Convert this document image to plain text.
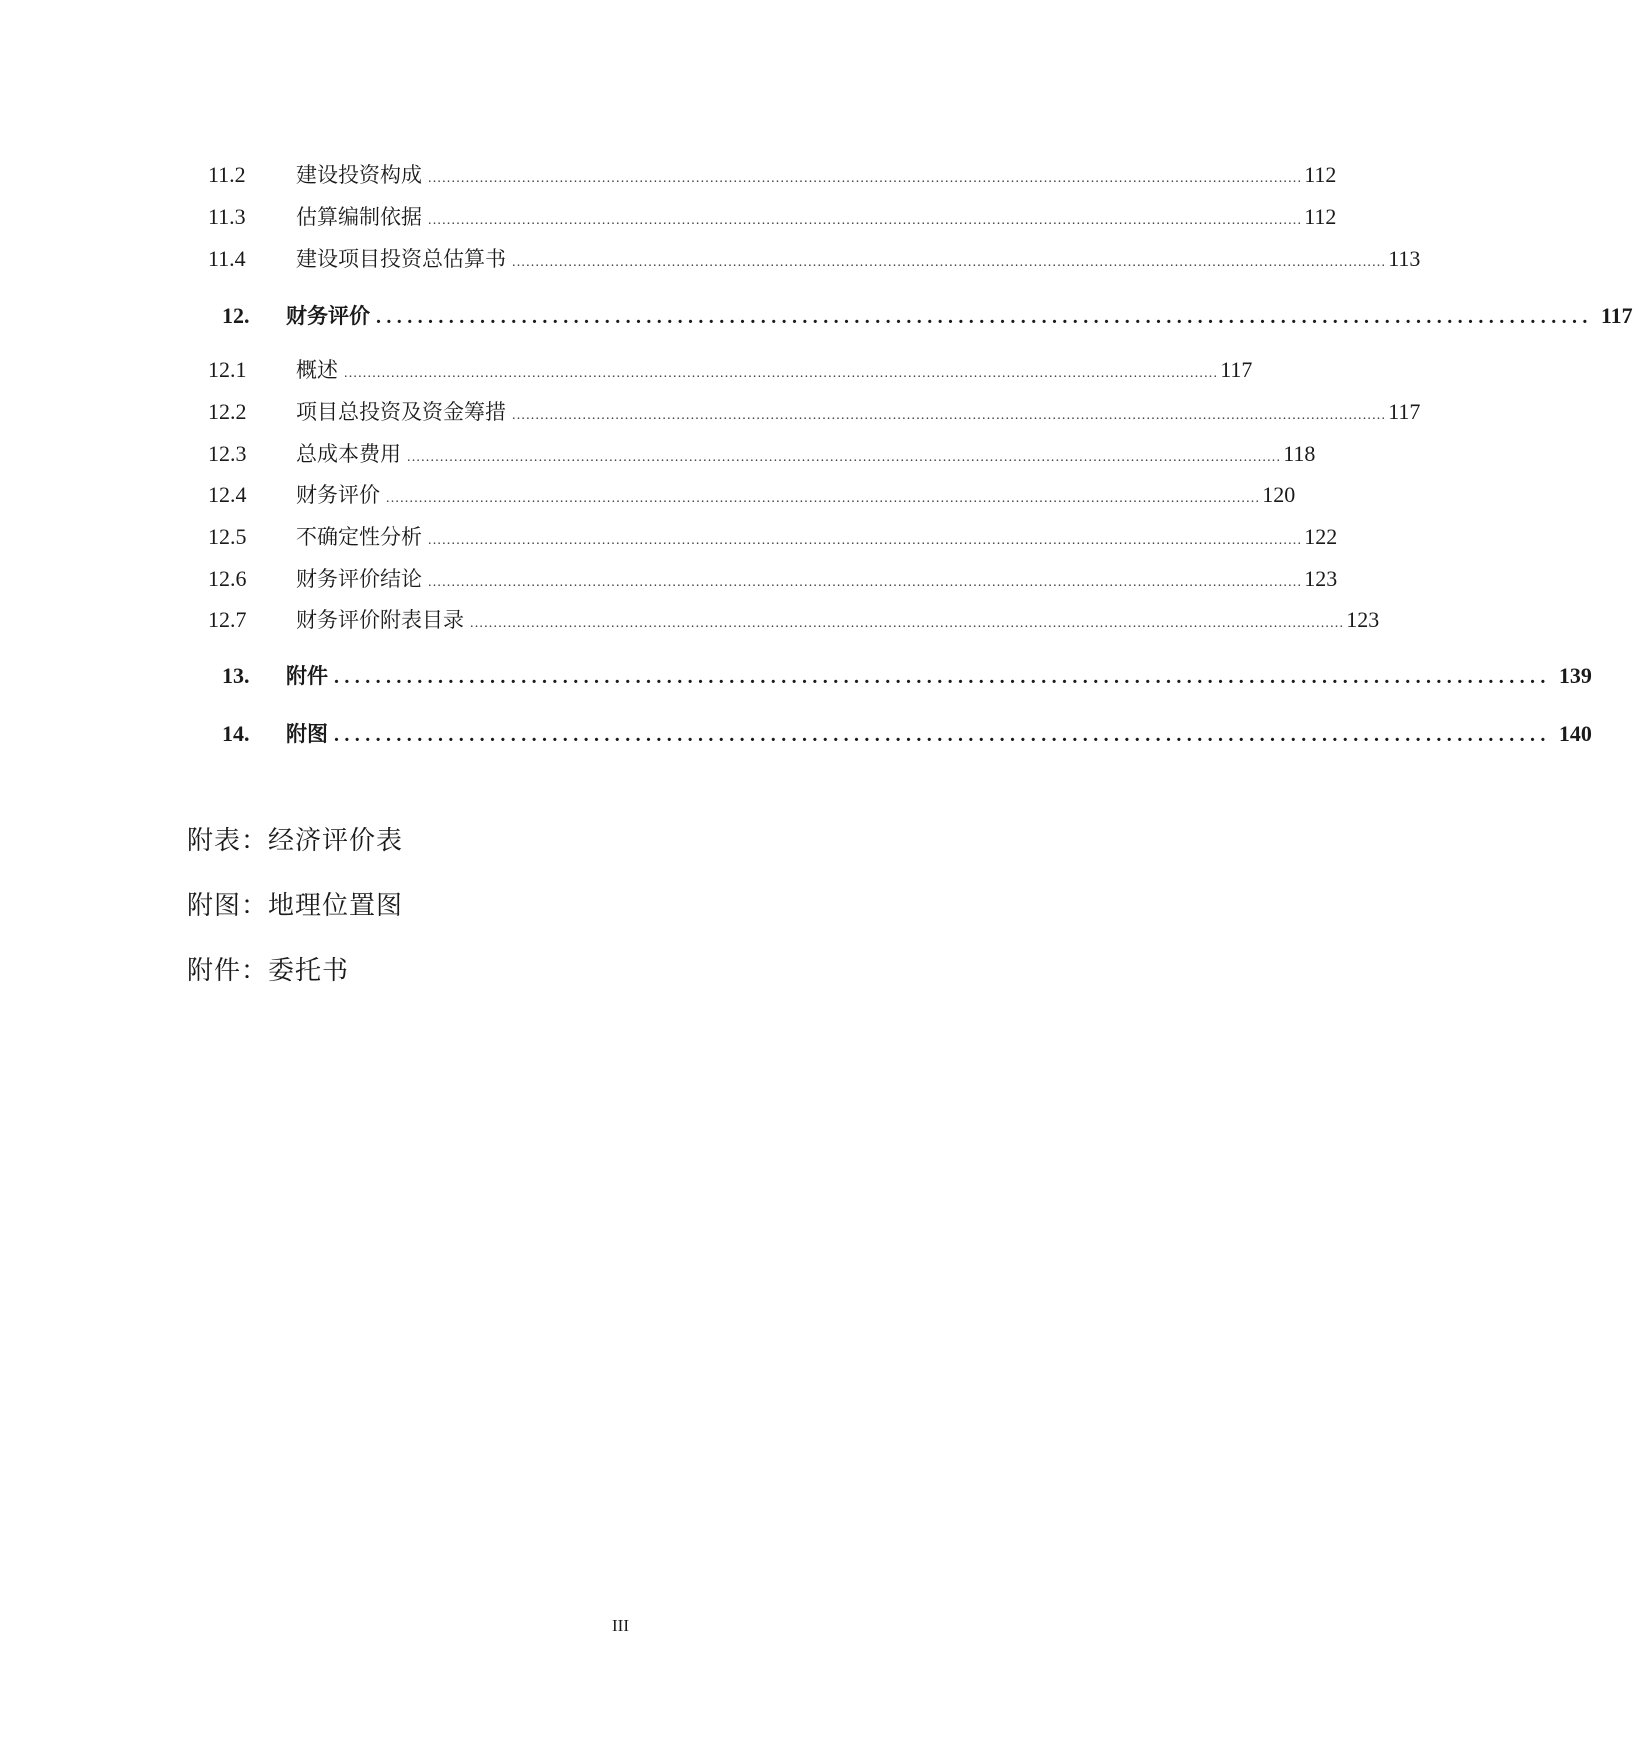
11.2	建设投资构成 .......................................................................................................................................................................................... 112
11.3	估算编制依据 .......................................................................................................................................................................................... 112
11.4	建设项目投资总估算书 .......................................................................................................................................................................................... 113
12.	财务评价 ..................................................................................................................... 117
12.1	概述 .......................................................................................................................................................................................... 117
12.2	项目总投资及资金筹措 .......................................................................................................................................................................................... 117
12.3	总成本费用 .......................................................................................................................................................................................... 118
12.4	财务评价 .......................................................................................................................................................................................... 120
12.5	不确定性分析 .......................................................................................................................................................................................... 122
12.6	财务评价结论 .......................................................................................................................................................................................... 123
12.7	财务评价附表目录 .......................................................................................................................................................................................... 123
13.	附件 ..................................................................................................................... 139
14.	附图 ..................................................................................................................... 140
附表：经济评价表
附图：地理位置图
附件：委托书
III
